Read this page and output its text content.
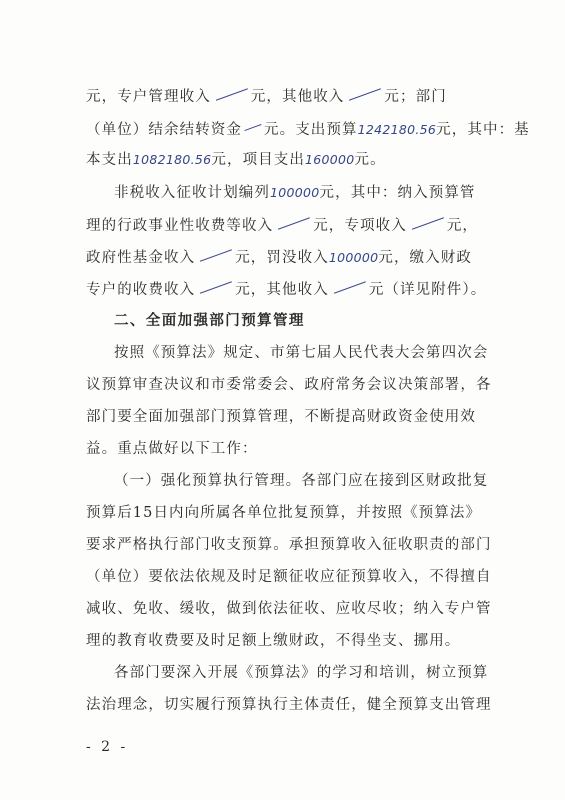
元，专户管理收入	元，其他收入	元；部门
（单位）结余结转资金 元。支出预算1242180.56元，其中：基
本支出1082180.56元，项目支出160000元。
非税收入征收计划编列100000元，其中：纳入预算管
理的行政事业性收费等收入	元，专项收入	元，
政府性基金收入	元，罚没收入100000元，缴入财政
专户的收费收入	元，其他收入	元（详见附件）。
二、全面加强部门预算管理
按照《预算法》规定、市第七届人民代表大会第四次会
议预算审查决议和市委常委会、政府常务会议决策部署，各
部门要全面加强部门预算管理，不断提高财政资金使用效
益。重点做好以下工作：
（一）强化预算执行管理。各部门应在接到区财政批复
预算后15日内向所属各单位批复预算，并按照《预算法》
要求严格执行部门收支预算。承担预算收入征收职责的部门
（单位）要依法依规及时足额征收应征预算收入，不得擅自
减收、免收、缓收，做到依法征收、应收尽收；纳入专户管
理的教育收费要及时足额上缴财政，不得坐支、挪用。
各部门要深入开展《预算法》的学习和培训，树立预算
法治理念，切实履行预算执行主体责任，健全预算支出管理
- 2 -
